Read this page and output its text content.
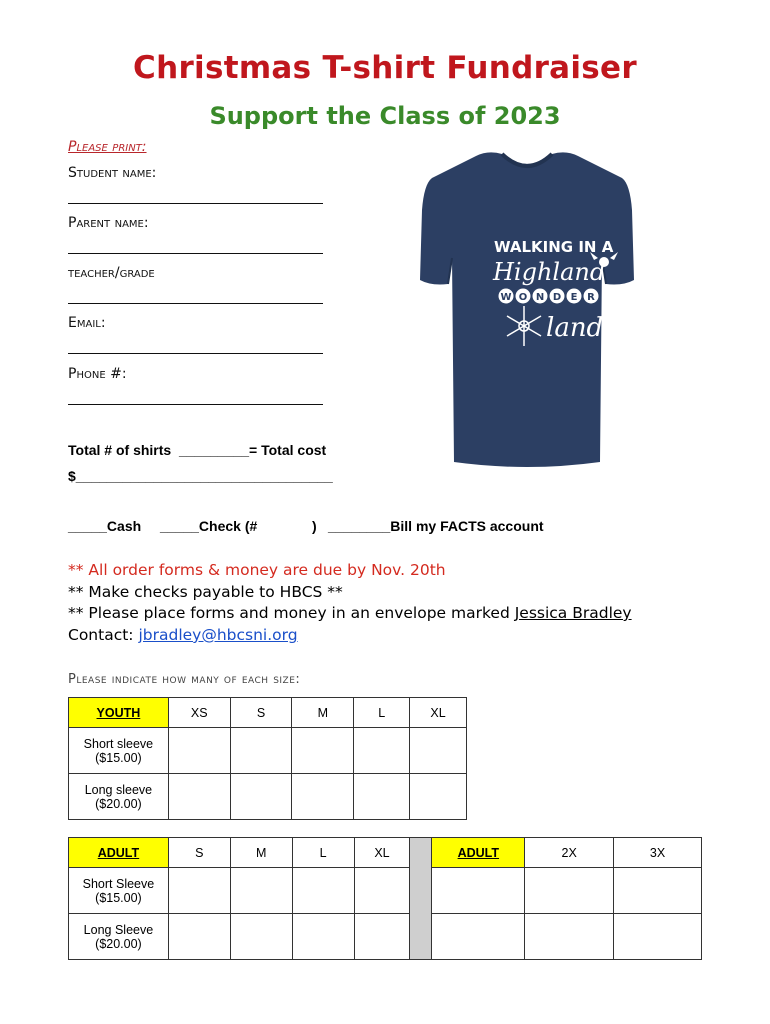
Christmas T-shirt Fundraiser
Support the Class of 2023
Please print:
Student name:
Parent name:
teacher/grade
Email:
Phone #:
WALKING IN A
Highland
W O N D E R
land
Total # of shirts  _________= Total cost
$_________________________________
_____Cash _____Check (#	) ________Bill my FACTS account
** All order forms & money are due by Nov. 20th
** Make checks payable to HBCS **
** Please place forms and money in an envelope marked Jessica Bradley
Contact: jbradley@hbcsni.org
Please indicate how many of each size:
YOUTH	XS	S	M	L	XL
Short sleeve
($15.00)					
Long sleeve
($20.00)					
ADULT	S	M	L	XL		ADULT	2X	3X
Short Sleeve
($15.00)								
Long Sleeve
($20.00)								
